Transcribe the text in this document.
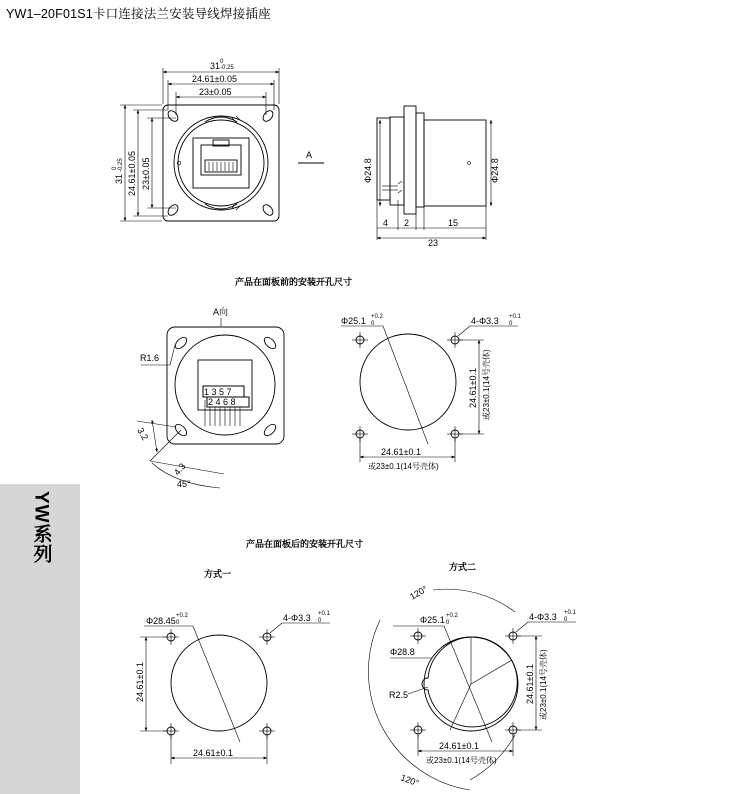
YW1–20F01S1卡口连接法兰安装导线焊接插座
YW系列
31 0
-0.25
24.61±0.05
23±0.05
31
0 -0.25 24.61±0.05 23±0.05
A
Φ24.8	Φ24.8
4 2	15
23
产品在面板前的安装开孔尺寸
A向
1 3 5 7
2 4 6 8
R1.6
3.2
4.3
45°
Φ25.1 +0.2
0	4-Φ3.3 +0.1
0
24.61±0.1 或23±0.1(14号壳体)
24.61±0.1
或23±0.1(14号壳体)
产品在面板后的安装开孔尺寸
方式一
Φ28.45 +0.2
0	4-Φ3.3 +0.1
0
24.61±0.1
24.61±0.1
方式二
120°
120°
Φ25.1 +0.2
0
Φ28.8
R2.5
4-Φ3.3 +0.1
0
24.61±0.1 或23±0.1(14号壳体)
24.61±0.1
或23±0.1(14号壳体)
